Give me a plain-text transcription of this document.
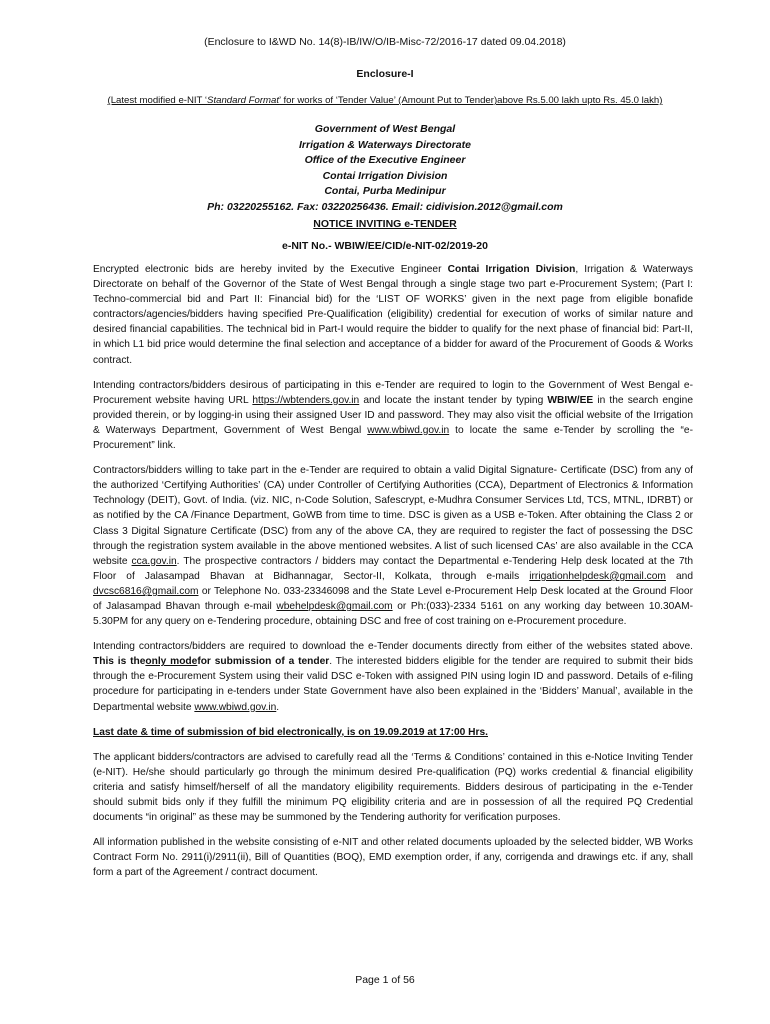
(Enclosure to I&WD No. 14(8)-IB/IW/O/IB-Misc-72/2016-17 dated 09.04.2018)
Enclosure-I
(Latest modified e-NIT ‘Standard Format’ for works of ‘Tender Value’ (Amount Put to Tender)above Rs.5.00 lakh upto Rs. 45.0 lakh)
Government of West Bengal
Irrigation & Waterways Directorate
Office of the Executive Engineer
Contai Irrigation Division
Contai, Purba Medinipur
Ph: 03220255162. Fax: 03220256436. Email: cidivision.2012@gmail.com
NOTICE INVITING e-TENDER
e-NIT No.- WBIW/EE/CID/e-NIT-02/2019-20

Encrypted electronic bids are hereby invited by the Executive Engineer Contai Irrigation Division, Irrigation & Waterways Directorate on behalf of the Governor of the State of West Bengal through a single stage two part e-Procurement System; (Part I: Techno-commercial bid and Part II: Financial bid) for the ‘LIST OF WORKS’ given in the next page from eligible bonafide contractors/agencies/bidders having specified Pre-Qualification (eligibility) credential for execution of works of similar nature and desired financial capabilities. The technical bid in Part-I would require the bidder to qualify for the next phase of financial bid: Part-II, in which L1 bid price would determine the final selection and acceptance of a bidder for award of the Procurement of Goods & Works contract.

Intending contractors/bidders desirous of participating in this e-Tender are required to login to the Government of West Bengal e-Procurement website having URL https://wbtenders.gov.in and locate the instant tender by typing WBIW/EE in the search engine provided therein, or by logging-in using their assigned User ID and password. They may also visit the official website of the Irrigation & Waterways Department, Government of West Bengal www.wbiwd.gov.in to locate the same e-Tender by scrolling the “e-Procurement” link.

Contractors/bidders willing to take part in the e-Tender are required to obtain a valid Digital Signature- Certificate (DSC) from any of the authorized ‘Certifying Authorities’ (CA) under Controller of Certifying Authorities (CCA), Department of Electronics & Information Technology (DEIT), Govt. of India. (viz. NIC, n-Code Solution, Safescrypt, e-Mudhra Consumer Services Ltd, TCS, MTNL, IDRBT) or as notified by the CA /Finance Department, GoWB from time to time. DSC is given as a USB e-Token. After obtaining the Class 2 or Class 3 Digital Signature Certificate (DSC) from any of the above CA, they are required to register the fact of possessing the DSC through the registration system available in the above mentioned websites. A list of such licensed CAs’ are also available in the CCA website cca.gov.in. The prospective contractors / bidders may contact the Departmental e-Tendering Help desk located at the 7th Floor of Jalasampad Bhavan at Bidhannagar, Sector-II, Kolkata, through e-mails irrigationhelpdesk@gmail.com and dvcsc6816@gmail.com or Telephone No. 033-23346098 and the State Level e-Procurement Help Desk located at the Ground Floor of Jalasampad Bhavan through e-mail wbehelpdesk@gmail.com or Ph:(033)-2334 5161 on any working day between 10.30AM-5.30PM for any query on e-Tendering procedure, obtaining DSC and free of cost training on e-Procurement procedure.

Intending contractors/bidders are required to download the e-Tender documents directly from either of the websites stated above. This is theonly modefor submission of a tender. The interested bidders eligible for the tender are required to submit their bids through the e-Procurement System using their valid DSC e-Token with assigned PIN using login ID and password. Details of e-filing procedure for participating in e-tenders under State Government have also been explained in the ‘Bidders’ Manual’, available in the Departmental website www.wbiwd.gov.in.

Last date & time of submission of bid electronically, is on 19.09.2019 at 17:00 Hrs.

The applicant bidders/contractors are advised to carefully read all the ‘Terms & Conditions’ contained in this e-Notice Inviting Tender (e-NIT). He/she should particularly go through the minimum desired Pre-qualification (PQ) works credential & financial eligibility criteria and satisfy himself/herself of all the mandatory eligibility requirements. Bidders desirous of participating in the e-Tender should submit bids only if they fulfill the minimum PQ eligibility criteria and are in possession of all the required PQ Credential documents “in original” as these may be summoned by the Tendering authority for verification purposes.

All information published in the website consisting of e-NIT and other related documents uploaded by the selected bidder, WB Works Contract Form No. 2911(i)/2911(ii), Bill of Quantities (BOQ), EMD exemption order, if any, corrigenda and drawings etc. if any, shall form a part of the Agreement / contract document.

Page 1 of 56
